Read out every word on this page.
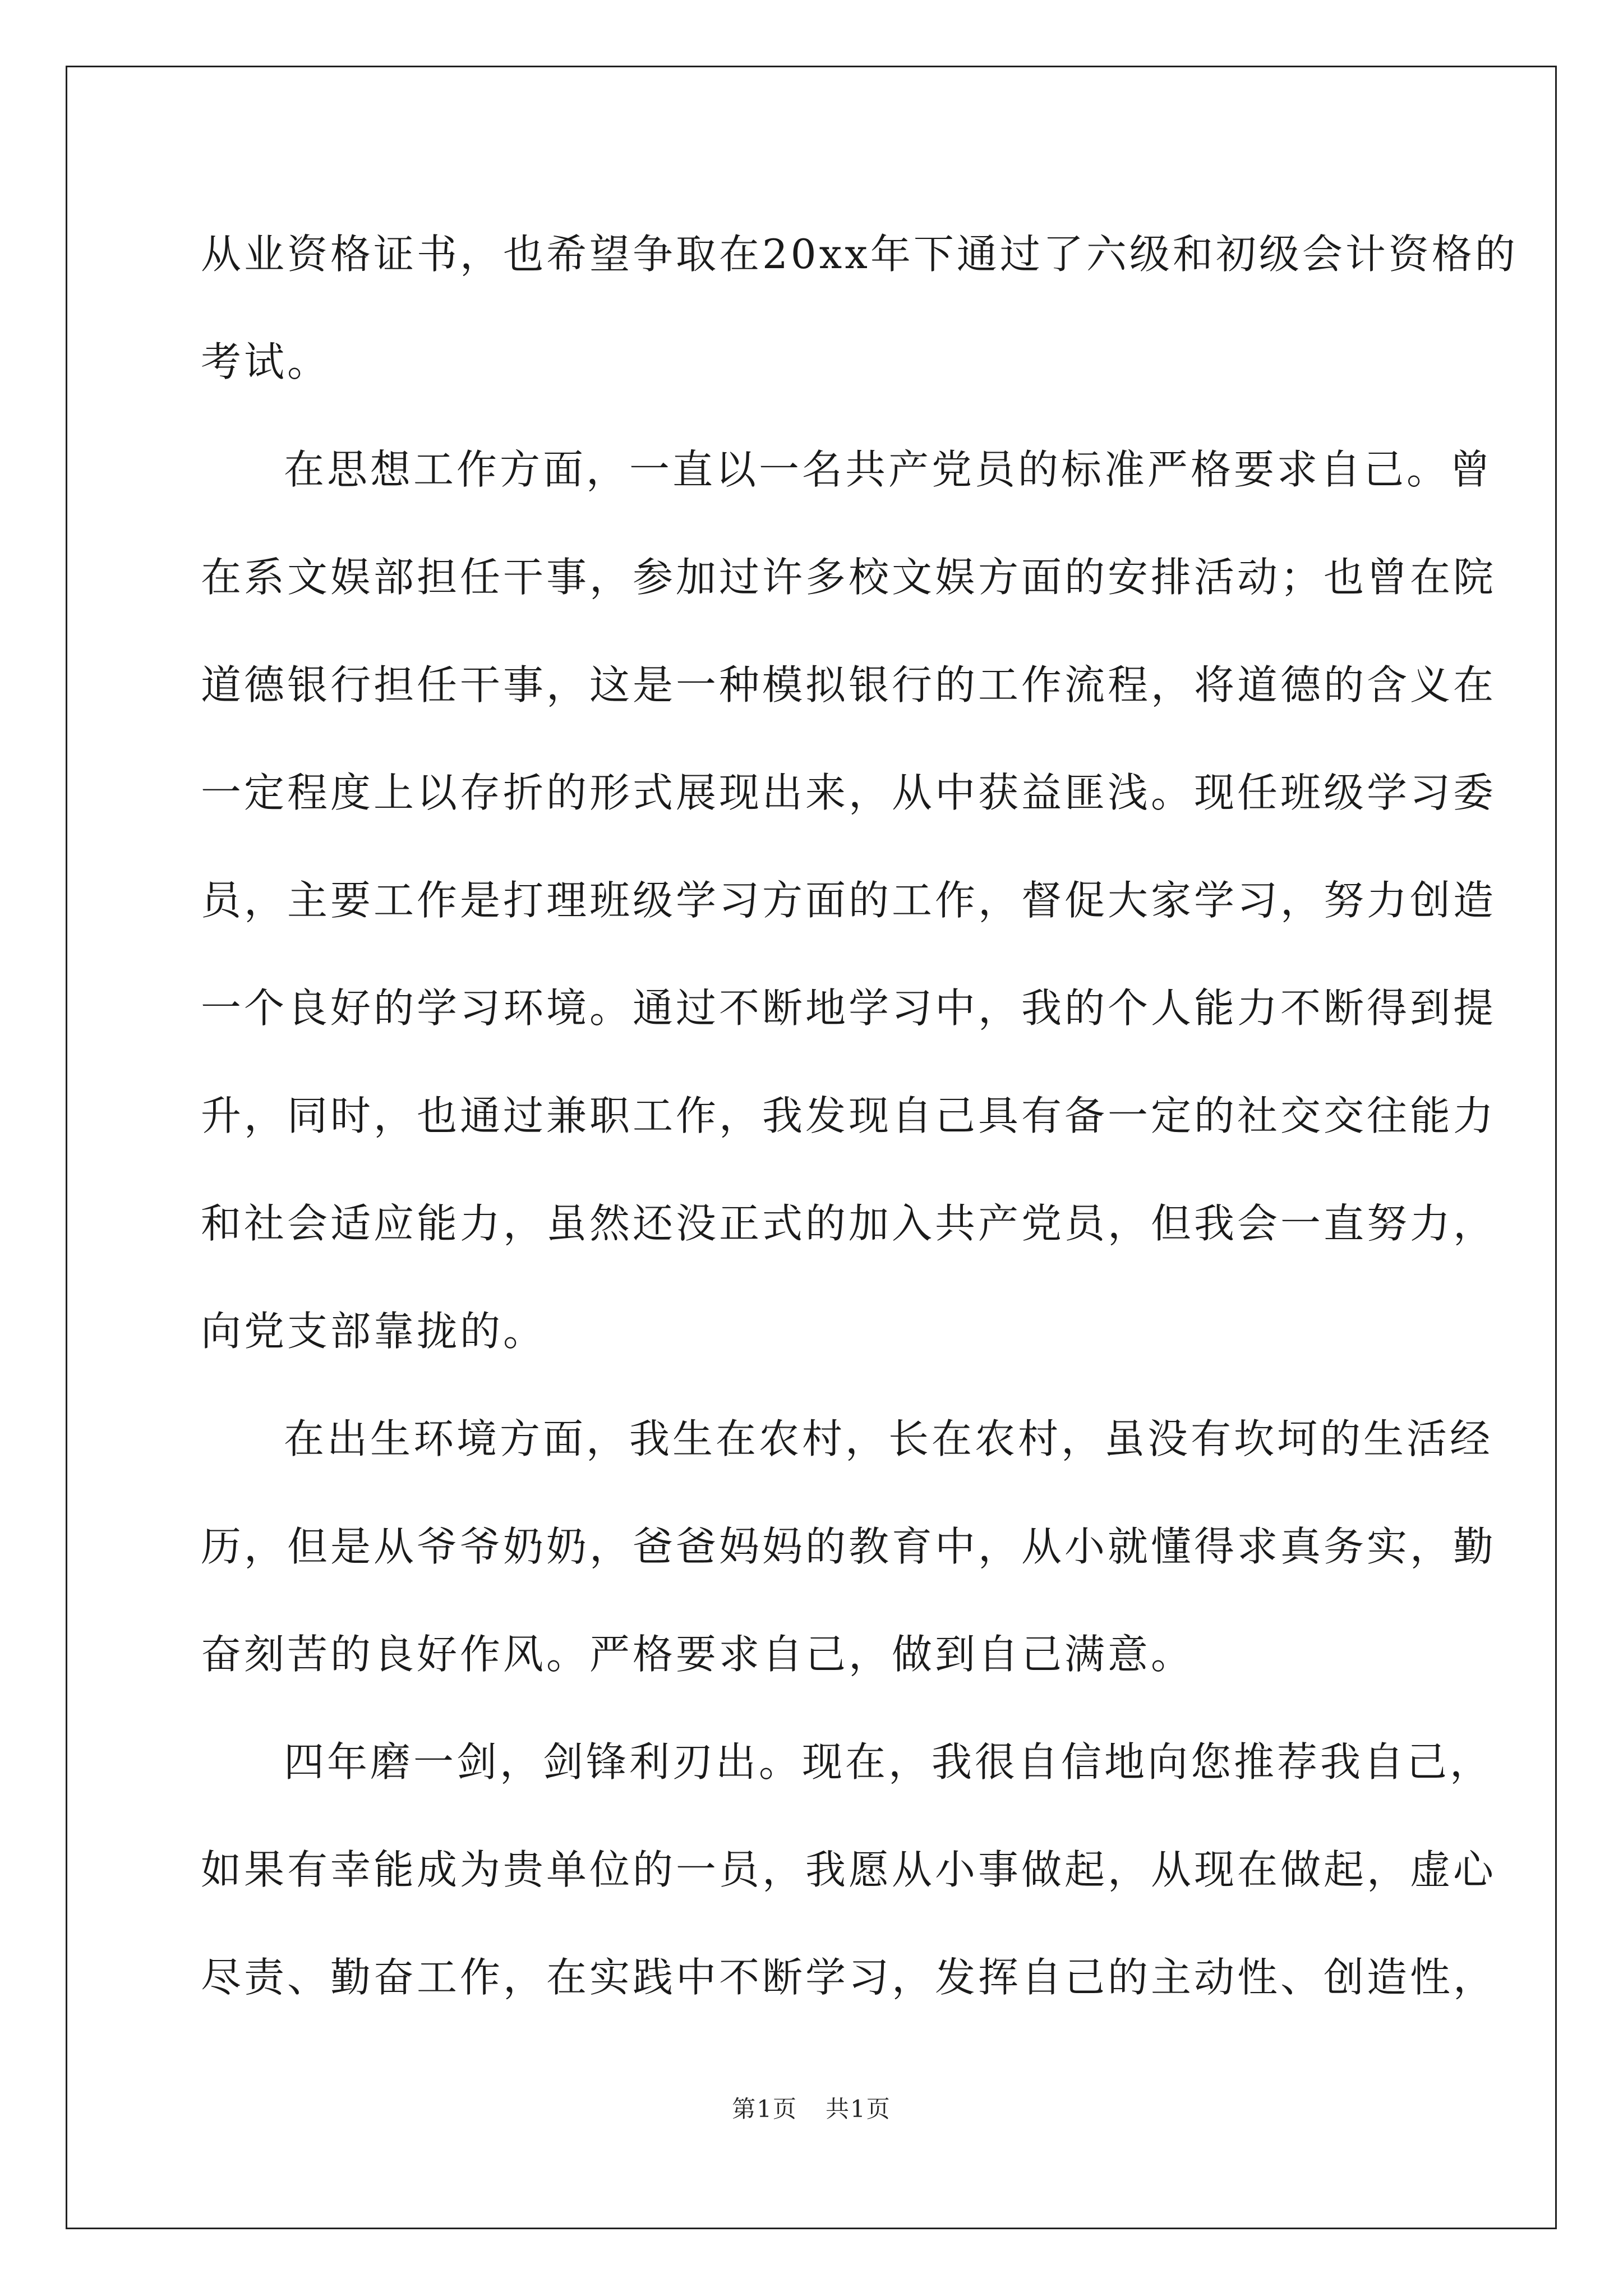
从业资格证书，也希望争取在20xx年下通过了六级和初级会计资格的
考试。
在思想工作方面，一直以一名共产党员的标准严格要求自己。曾
在系文娱部担任干事，参加过许多校文娱方面的安排活动；也曾在院
道德银行担任干事，这是一种模拟银行的工作流程，将道德的含义在
一定程度上以存折的形式展现出来，从中获益匪浅。现任班级学习委
员，主要工作是打理班级学习方面的工作，督促大家学习，努力创造
一个良好的学习环境。通过不断地学习中，我的个人能力不断得到提
升，同时，也通过兼职工作，我发现自己具有备一定的社交交往能力
和社会适应能力，虽然还没正式的加入共产党员，但我会一直努力，
向党支部靠拢的。
在出生环境方面，我生在农村，长在农村，虽没有坎坷的生活经
历，但是从爷爷奶奶，爸爸妈妈的教育中，从小就懂得求真务实，勤
奋刻苦的良好作风。严格要求自己，做到自己满意。
四年磨一剑，剑锋利刃出。现在，我很自信地向您推荐我自己，
如果有幸能成为贵单位的一员，我愿从小事做起，从现在做起，虚心
尽责、勤奋工作，在实践中不断学习，发挥自己的主动性、创造性，
第1页 共1页
